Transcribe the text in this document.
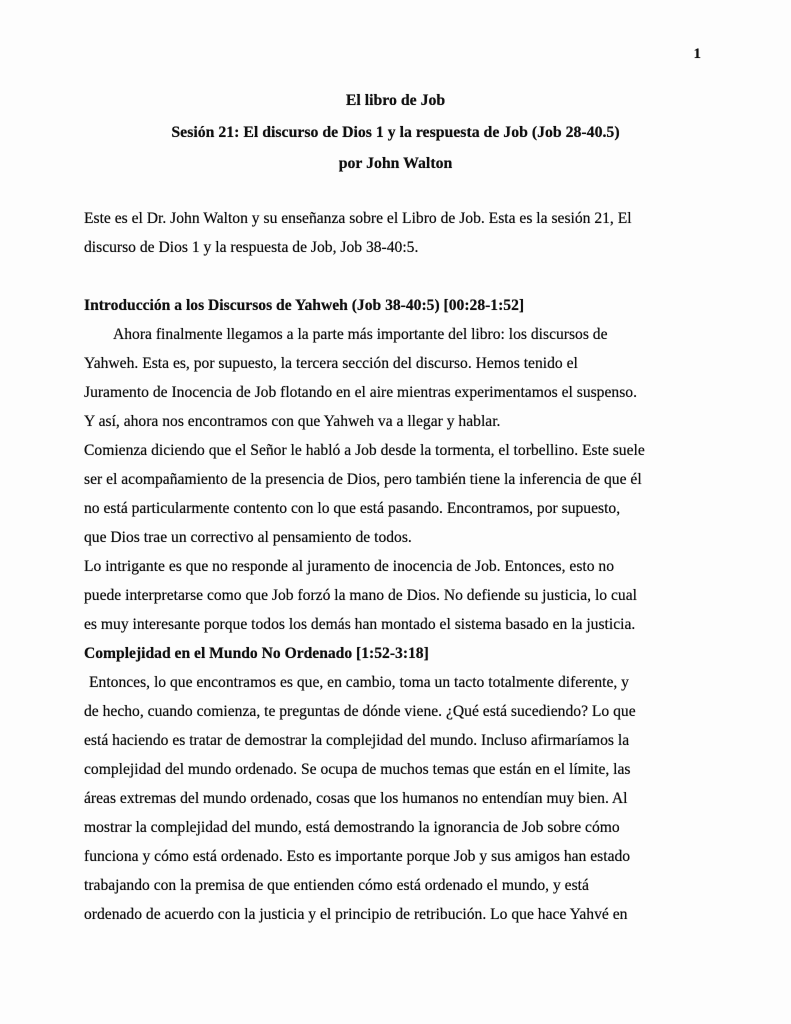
1
El libro de Job
Sesión 21: El discurso de Dios 1 y la respuesta de Job (Job 28-40.5)
por John Walton
Este es el Dr. John Walton y su enseñanza sobre el Libro de Job. Esta es la sesión 21, El
discurso de Dios 1 y la respuesta de Job, Job 38-40:5.
Introducción a los Discursos de Yahweh (Job 38-40:5) [00:28-1:52]
Ahora finalmente llegamos a la parte más importante del libro: los discursos de
Yahweh. Esta es, por supuesto, la tercera sección del discurso. Hemos tenido el
Juramento de Inocencia de Job flotando en el aire mientras experimentamos el suspenso.
Y así, ahora nos encontramos con que Yahweh va a llegar y hablar.
Comienza diciendo que el Señor le habló a Job desde la tormenta, el torbellino. Este suele
ser el acompañamiento de la presencia de Dios, pero también tiene la inferencia de que él
no está particularmente contento con lo que está pasando. Encontramos, por supuesto,
que Dios trae un correctivo al pensamiento de todos.
Lo intrigante es que no responde al juramento de inocencia de Job. Entonces, esto no
puede interpretarse como que Job forzó la mano de Dios. No defiende su justicia, lo cual
es muy interesante porque todos los demás han montado el sistema basado en la justicia.
Complejidad en el Mundo No Ordenado [1:52-3:18]
Entonces, lo que encontramos es que, en cambio, toma un tacto totalmente diferente, y
de hecho, cuando comienza, te preguntas de dónde viene. ¿Qué está sucediendo? Lo que
está haciendo es tratar de demostrar la complejidad del mundo. Incluso afirmaríamos la
complejidad del mundo ordenado. Se ocupa de muchos temas que están en el límite, las
áreas extremas del mundo ordenado, cosas que los humanos no entendían muy bien. Al
mostrar la complejidad del mundo, está demostrando la ignorancia de Job sobre cómo
funciona y cómo está ordenado. Esto es importante porque Job y sus amigos han estado
trabajando con la premisa de que entienden cómo está ordenado el mundo, y está
ordenado de acuerdo con la justicia y el principio de retribución. Lo que hace Yahvé en
